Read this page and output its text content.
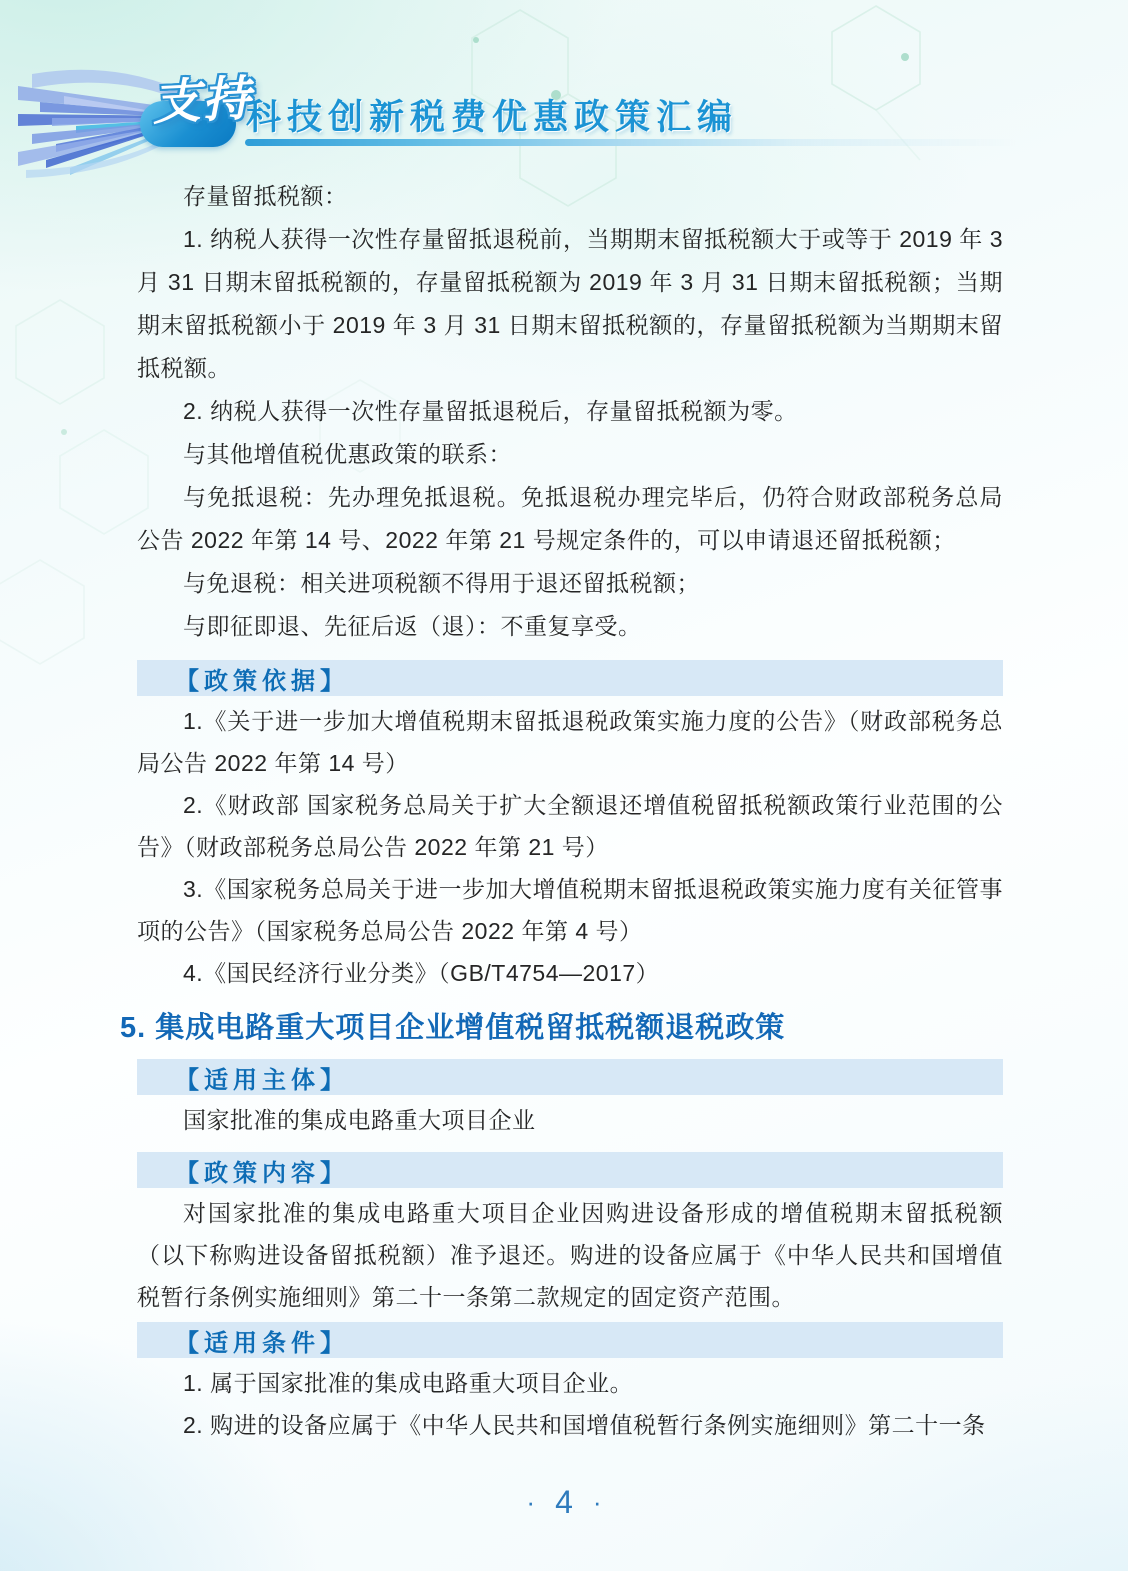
支持
科技创新税费优惠政策汇编

存量留抵税额：

1. 纳税人获得一次性存量留抵退税前，当期期末留抵税额大于或等于 2019 年 3 月 31 日期末留抵税额的，存量留抵税额为 2019 年 3 月 31 日期末留抵税额；当期期末留抵税额小于 2019 年 3 月 31 日期末留抵税额的，存量留抵税额为当期期末留抵税额。

2. 纳税人获得一次性存量留抵退税后，存量留抵税额为零。

与其他增值税优惠政策的联系：

与免抵退税：先办理免抵退税。免抵退税办理完毕后，仍符合财政部税务总局公告 2022 年第 14 号、2022 年第 21 号规定条件的，可以申请退还留抵税额；

与免退税：相关进项税额不得用于退还留抵税额；

与即征即退、先征后返（退）：不重复享受。

【政策依据】

1.《关于进一步加大增值税期末留抵退税政策实施力度的公告》（财政部税务总局公告 2022 年第 14 号）

2.《财政部 国家税务总局关于扩大全额退还增值税留抵税额政策行业范围的公告》（财政部税务总局公告 2022 年第 21 号）

3.《国家税务总局关于进一步加大增值税期末留抵退税政策实施力度有关征管事项的公告》（国家税务总局公告 2022 年第 4 号）

4.《国民经济行业分类》（GB/T4754—2017）

5. 集成电路重大项目企业增值税留抵税额退税政策
【适用主体】

国家批准的集成电路重大项目企业

【政策内容】

对国家批准的集成电路重大项目企业因购进设备形成的增值税期末留抵税额（以下称购进设备留抵税额）准予退还。购进的设备应属于《中华人民共和国增值税暂行条例实施细则》第二十一条第二款规定的固定资产范围。

【适用条件】

1. 属于国家批准的集成电路重大项目企业。

2. 购进的设备应属于《中华人民共和国增值税暂行条例实施细则》第二十一条

· 4 ·
